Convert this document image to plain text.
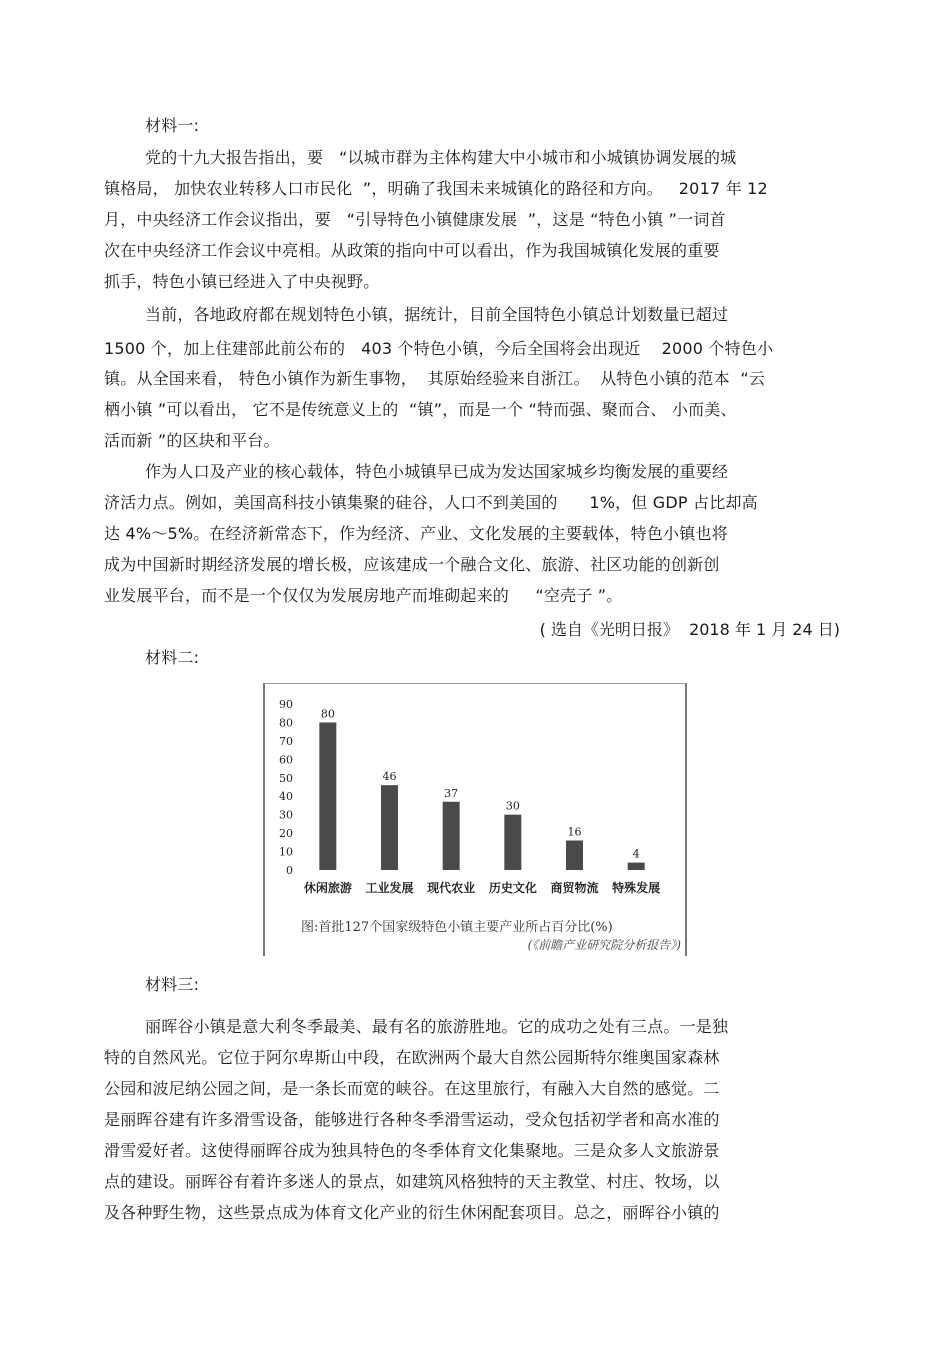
材料一:
党的十九大报告指出，要   “以城市群为主体构建大中小城市和小城镇协调发展的城
镇格局， 加快农业转移人口市民化  ”，明确了我国未来城镇化的路径和方向。   2017 年 12
月，中央经济工作会议指出，要   “引导特色小镇健康发展  ”，这是 “特色小镇 ”一词首
次在中央经济工作会议中亮相。从政策的指向中可以看出，作为我国城镇化发展的重要
抓手，特色小镇已经进入了中央视野。
当前，各地政府都在规划特色小镇，据统计，目前全国特色小镇总计划数量已超过
1500 个，加上住建部此前公布的   403 个特色小镇，今后全国将会出现近    2000 个特色小
镇。从全国来看， 特色小镇作为新生事物，  其原始经验来自浙江。  从特色小镇的范本  “云
栖小镇 ”可以看出， 它不是传统意义上的  “镇”，而是一个 “特而强、聚而合、 小而美、
活而新 ”的区块和平台。
作为人口及产业的核心载体，特色小城镇早已成为发达国家城乡均衡发展的重要经
济活力点。例如，美国高科技小镇集聚的硅谷，人口不到美国的      1%，但 GDP 占比却高
达 4%～5%。在经济新常态下，作为经济、产业、文化发展的主要载体，特色小镇也将
成为中国新时期经济发展的增长极，应该建成一个融合文化、旅游、社区功能的创新创
业发展平台，而不是一个仅仅为发展房地产而堆砌起来的     “空壳子 ”。
( 选自《光明日报》  2018 年 1 月 24 日)
材料二:
0
10
20
30
40
50
60
70
80
90
80
休闲旅游
46
工业发展
37
现代农业
30
历史文化
16
商贸物流
4
特殊发展
图:首批127个国家级特色小镇主要产业所占百分比(%)
(《前瞻产业研究院分析报告》)
材料三:
丽晖谷小镇是意大利冬季最美、最有名的旅游胜地。它的成功之处有三点。一是独
特的自然风光。它位于阿尔卑斯山中段，在欧洲两个最大自然公园斯特尔维奥国家森林
公园和波尼纳公园之间，是一条长而宽的峡谷。在这里旅行，有融入大自然的感觉。二
是丽晖谷建有许多滑雪设备，能够进行各种冬季滑雪运动，受众包括初学者和高水准的
滑雪爱好者。这使得丽晖谷成为独具特色的冬季体育文化集聚地。三是众多人文旅游景
点的建设。丽晖谷有着许多迷人的景点，如建筑风格独特的天主教堂、村庄、牧场，以
及各种野生物，这些景点成为体育文化产业的衍生休闲配套项目。总之，丽晖谷小镇的
